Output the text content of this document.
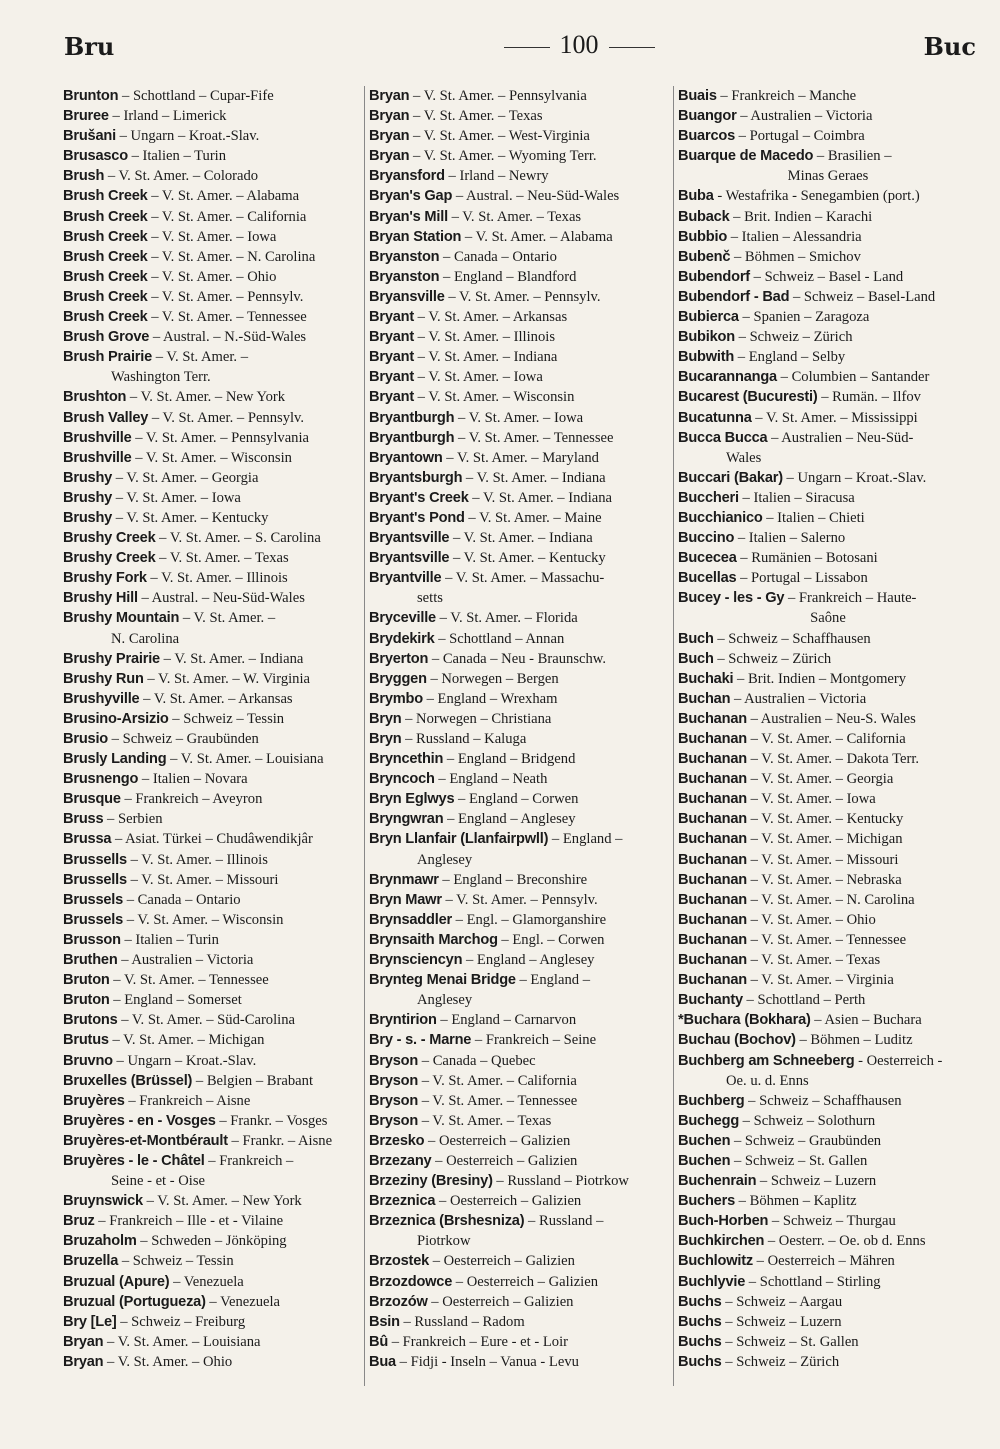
Bru	100	Buc
Brunton – Schottland – Cupar-Fife
Bruree – Irland – Limerick
Brušani – Ungarn – Kroat.-Slav.
Brusasco – Italien – Turin
Brush – V. St. Amer. – Colorado
Brush Creek – V. St. Amer. – Alabama
Brush Creek – V. St. Amer. – California
Brush Creek – V. St. Amer. – Iowa
Brush Creek – V. St. Amer. – N. Carolina
Brush Creek – V. St. Amer. – Ohio
Brush Creek – V. St. Amer. – Pennsylv.
Brush Creek – V. St. Amer. – Tennessee
Brush Grove – Austral. – N.-Süd-Wales
Brush Prairie – V. St. Amer. –
Washington Terr.
Brushton – V. St. Amer. – New York
Brush Valley – V. St. Amer. – Pennsylv.
Brushville – V. St. Amer. – Pennsylvania
Brushville – V. St. Amer. – Wisconsin
Brushy – V. St. Amer. – Georgia
Brushy – V. St. Amer. – Iowa
Brushy – V. St. Amer. – Kentucky
Brushy Creek – V. St. Amer. – S. Carolina
Brushy Creek – V. St. Amer. – Texas
Brushy Fork – V. St. Amer. – Illinois
Brushy Hill – Austral. – Neu-Süd-Wales
Brushy Mountain – V. St. Amer. –
N. Carolina
Brushy Prairie – V. St. Amer. – Indiana
Brushy Run – V. St. Amer. – W. Virginia
Brushyville – V. St. Amer. – Arkansas
Brusino-Arsizio – Schweiz – Tessin
Brusio – Schweiz – Graubünden
Brusly Landing – V. St. Amer. – Louisiana
Brusnengo – Italien – Novara
Brusque – Frankreich – Aveyron
Bruss – Serbien
Brussa – Asiat. Türkei – Chudâwendikjâr
Brussells – V. St. Amer. – Illinois
Brussells – V. St. Amer. – Missouri
Brussels – Canada – Ontario
Brussels – V. St. Amer. – Wisconsin
Brusson – Italien – Turin
Bruthen – Australien – Victoria
Bruton – V. St. Amer. – Tennessee
Bruton – England – Somerset
Brutons – V. St. Amer. – Süd-Carolina
Brutus – V. St. Amer. – Michigan
Bruvno – Ungarn – Kroat.-Slav.
Bruxelles (Brüssel) – Belgien – Brabant
Bruyères – Frankreich – Aisne
Bruyères - en - Vosges – Frankr. – Vosges
Bruyères-et-Montbérault – Frankr. – Aisne
Bruyères - le - Châtel – Frankreich –
Seine - et - Oise
Bruynswick – V. St. Amer. – New York
Bruz – Frankreich – Ille - et - Vilaine
Bruzaholm – Schweden – Jönköping
Bruzella – Schweiz – Tessin
Bruzual (Apure) – Venezuela
Bruzual (Portugueza) – Venezuela
Bry [Le] – Schweiz – Freiburg
Bryan – V. St. Amer. – Louisiana
Bryan – V. St. Amer. – Ohio
Bryan – V. St. Amer. – Pennsylvania
Bryan – V. St. Amer. – Texas
Bryan – V. St. Amer. – West-Virginia
Bryan – V. St. Amer. – Wyoming Terr.
Bryansford – Irland – Newry
Bryan's Gap – Austral. – Neu-Süd-Wales
Bryan's Mill – V. St. Amer. – Texas
Bryan Station – V. St. Amer. – Alabama
Bryanston – Canada – Ontario
Bryanston – England – Blandford
Bryansville – V. St. Amer. – Pennsylv.
Bryant – V. St. Amer. – Arkansas
Bryant – V. St. Amer. – Illinois
Bryant – V. St. Amer. – Indiana
Bryant – V. St. Amer. – Iowa
Bryant – V. St. Amer. – Wisconsin
Bryantburgh – V. St. Amer. – Iowa
Bryantburgh – V. St. Amer. – Tennessee
Bryantown – V. St. Amer. – Maryland
Bryantsburgh – V. St. Amer. – Indiana
Bryant's Creek – V. St. Amer. – Indiana
Bryant's Pond – V. St. Amer. – Maine
Bryantsville – V. St. Amer. – Indiana
Bryantsville – V. St. Amer. – Kentucky
Bryantville – V. St. Amer. – Massachu-
setts
Bryceville – V. St. Amer. – Florida
Brydekirk – Schottland – Annan
Bryerton – Canada – Neu - Braunschw.
Bryggen – Norwegen – Bergen
Brymbo – England – Wrexham
Bryn – Norwegen – Christiana
Bryn – Russland – Kaluga
Bryncethin – England – Bridgend
Bryncoch – England – Neath
Bryn Eglwys – England – Corwen
Bryngwran – England – Anglesey
Bryn Llanfair (Llanfairpwll) – England –
Anglesey
Brynmawr – England – Breconshire
Bryn Mawr – V. St. Amer. – Pennsylv.
Brynsaddler – Engl. – Glamorganshire
Brynsaith Marchog – Engl. – Corwen
Brynsciencyn – England – Anglesey
Brynteg Menai Bridge – England –
Anglesey
Bryntirion – England – Carnarvon
Bry - s. - Marne – Frankreich – Seine
Bryson – Canada – Quebec
Bryson – V. St. Amer. – California
Bryson – V. St. Amer. – Tennessee
Bryson – V. St. Amer. – Texas
Brzesko – Oesterreich – Galizien
Brzezany – Oesterreich – Galizien
Brzeziny (Bresiny) – Russland – Piotrkow
Brzeznica – Oesterreich – Galizien
Brzeznica (Brshesniza) – Russland –
Piotrkow
Brzostek – Oesterreich – Galizien
Brzozdowce – Oesterreich – Galizien
Brzozów – Oesterreich – Galizien
Bsin – Russland – Radom
Bû – Frankreich – Eure - et - Loir
Bua – Fidji - Inseln – Vanua - Levu
Buais – Frankreich – Manche
Buangor – Australien – Victoria
Buarcos – Portugal – Coimbra
Buarque de Macedo – Brasilien –
Minas Geraes
Buba - Westafrika - Senegambien (port.)
Buback – Brit. Indien – Karachi
Bubbio – Italien – Alessandria
Bubenč – Böhmen – Smichov
Bubendorf – Schweiz – Basel - Land
Bubendorf - Bad – Schweiz – Basel-Land
Bubierca – Spanien – Zaragoza
Bubikon – Schweiz – Zürich
Bubwith – England – Selby
Bucarannanga – Columbien – Santander
Bucarest (Bucuresti) – Rumän. – Ilfov
Bucatunna – V. St. Amer. – Mississippi
Bucca Bucca – Australien – Neu-Süd-
Wales
Buccari (Bakar) – Ungarn – Kroat.-Slav.
Buccheri – Italien – Siracusa
Bucchianico – Italien – Chieti
Buccino – Italien – Salerno
Bucecea – Rumänien – Botosani
Bucellas – Portugal – Lissabon
Bucey - les - Gy – Frankreich – Haute-
Saône
Buch – Schweiz – Schaffhausen
Buch – Schweiz – Zürich
Buchaki – Brit. Indien – Montgomery
Buchan – Australien – Victoria
Buchanan – Australien – Neu-S. Wales
Buchanan – V. St. Amer. – California
Buchanan – V. St. Amer. – Dakota Terr.
Buchanan – V. St. Amer. – Georgia
Buchanan – V. St. Amer. – Iowa
Buchanan – V. St. Amer. – Kentucky
Buchanan – V. St. Amer. – Michigan
Buchanan – V. St. Amer. – Missouri
Buchanan – V. St. Amer. – Nebraska
Buchanan – V. St. Amer. – N. Carolina
Buchanan – V. St. Amer. – Ohio
Buchanan – V. St. Amer. – Tennessee
Buchanan – V. St. Amer. – Texas
Buchanan – V. St. Amer. – Virginia
Buchanty – Schottland – Perth
*Buchara (Bokhara) – Asien – Buchara
Buchau (Bochov) – Böhmen – Luditz
Buchberg am Schneeberg - Oesterreich -
Oe. u. d. Enns
Buchberg – Schweiz – Schaffhausen
Buchegg – Schweiz – Solothurn
Buchen – Schweiz – Graubünden
Buchen – Schweiz – St. Gallen
Buchenrain – Schweiz – Luzern
Buchers – Böhmen – Kaplitz
Buch-Horben – Schweiz – Thurgau
Buchkirchen – Oesterr. – Oe. ob d. Enns
Buchlowitz – Oesterreich – Mähren
Buchlyvie – Schottland – Stirling
Buchs – Schweiz – Aargau
Buchs – Schweiz – Luzern
Buchs – Schweiz – St. Gallen
Buchs – Schweiz – Zürich
